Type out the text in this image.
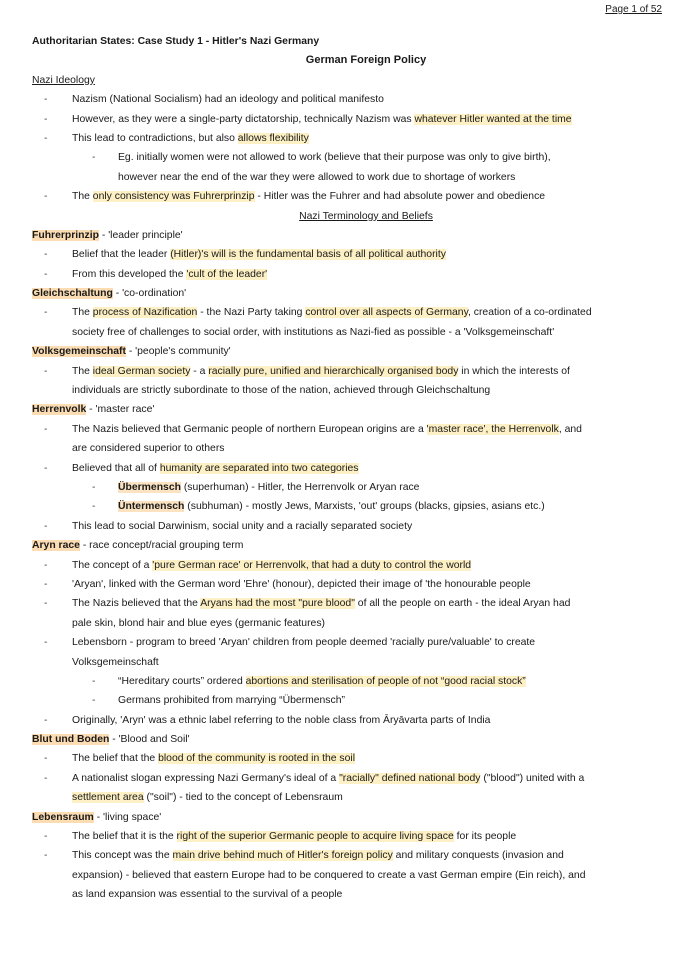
Page 1 of 52
Authoritarian States: Case Study 1 - Hitler's Nazi Germany
German Foreign Policy
Nazi Ideology
-	Nazism (National Socialism) had an ideology and political manifesto
-	However, as they were a single-party dictatorship, technically Nazism was whatever Hitler wanted at the time
-	This lead to contradictions, but also allows flexibility
-	Eg. initially women were not allowed to work (believe that their purpose was only to give birth),
however near the end of the war they were allowed to work due to shortage of workers
-	The only consistency was Fuhrerprinzip - Hitler was the Fuhrer and had absolute power and obedience
Nazi Terminology and Beliefs
Fuhrerprinzip - 'leader principle'
-	Belief that the leader (Hitler)'s will is the fundamental basis of all political authority
-	From this developed the 'cult of the leader'
Gleichschaltung - 'co-ordination'
-	The process of Nazification - the Nazi Party taking control over all aspects of Germany, creation of a co-ordinated
society free of challenges to social order, with institutions as Nazi-fied as possible - a 'Volksgemeinschaft'
Volksgemeinschaft - 'people's community'
-	The ideal German society - a racially pure, unified and hierarchically organised body in which the interests of
individuals are strictly subordinate to those of the nation, achieved through Gleichschaltung
Herrenvolk - 'master race'
-	The Nazis believed that Germanic people of northern European origins are a 'master race', the Herrenvolk, and
are considered superior to others
-	Believed that all of humanity are separated into two categories
-	Übermensch (superhuman) - Hitler, the Herrenvolk or Aryan race
-	Üntermensch (subhuman) - mostly Jews, Marxists, 'out' groups (blacks, gipsies, asians etc.)
-	This lead to social Darwinism, social unity and a racially separated society
Aryn race - race concept/racial grouping term
-	The concept of a 'pure German race' or Herrenvolk, that had a duty to control the world
-	'Aryan', linked with the German word 'Ehre' (honour), depicted their image of 'the honourable people
-	The Nazis believed that the Aryans had the most "pure blood" of all the people on earth - the ideal Aryan had
pale skin, blond hair and blue eyes (germanic features)
-	Lebensborn - program to breed 'Aryan' children from people deemed 'racially pure/valuable' to create
Volksgemeinschaft
-	“Hereditary courts” ordered abortions and sterilisation of people of not “good racial stock”
-	Germans prohibited from marrying “Übermensch”
-	Originally, 'Aryn' was a ethnic label referring to the noble class from Āryāvarta parts of India
Blut und Boden - 'Blood and Soil'
-	The belief that the blood of the community is rooted in the soil
-	A nationalist slogan expressing Nazi Germany's ideal of a "racially" defined national body ("blood") united with a
settlement area ("soil") - tied to the concept of Lebensraum
Lebensraum - 'living space'
-	The belief that it is the right of the superior Germanic people to acquire living space for its people
-	This concept was the main drive behind much of Hitler's foreign policy and military conquests (invasion and
expansion) - believed that eastern Europe had to be conquered to create a vast German empire (Ein reich), and
as land expansion was essential to the survival of a people
